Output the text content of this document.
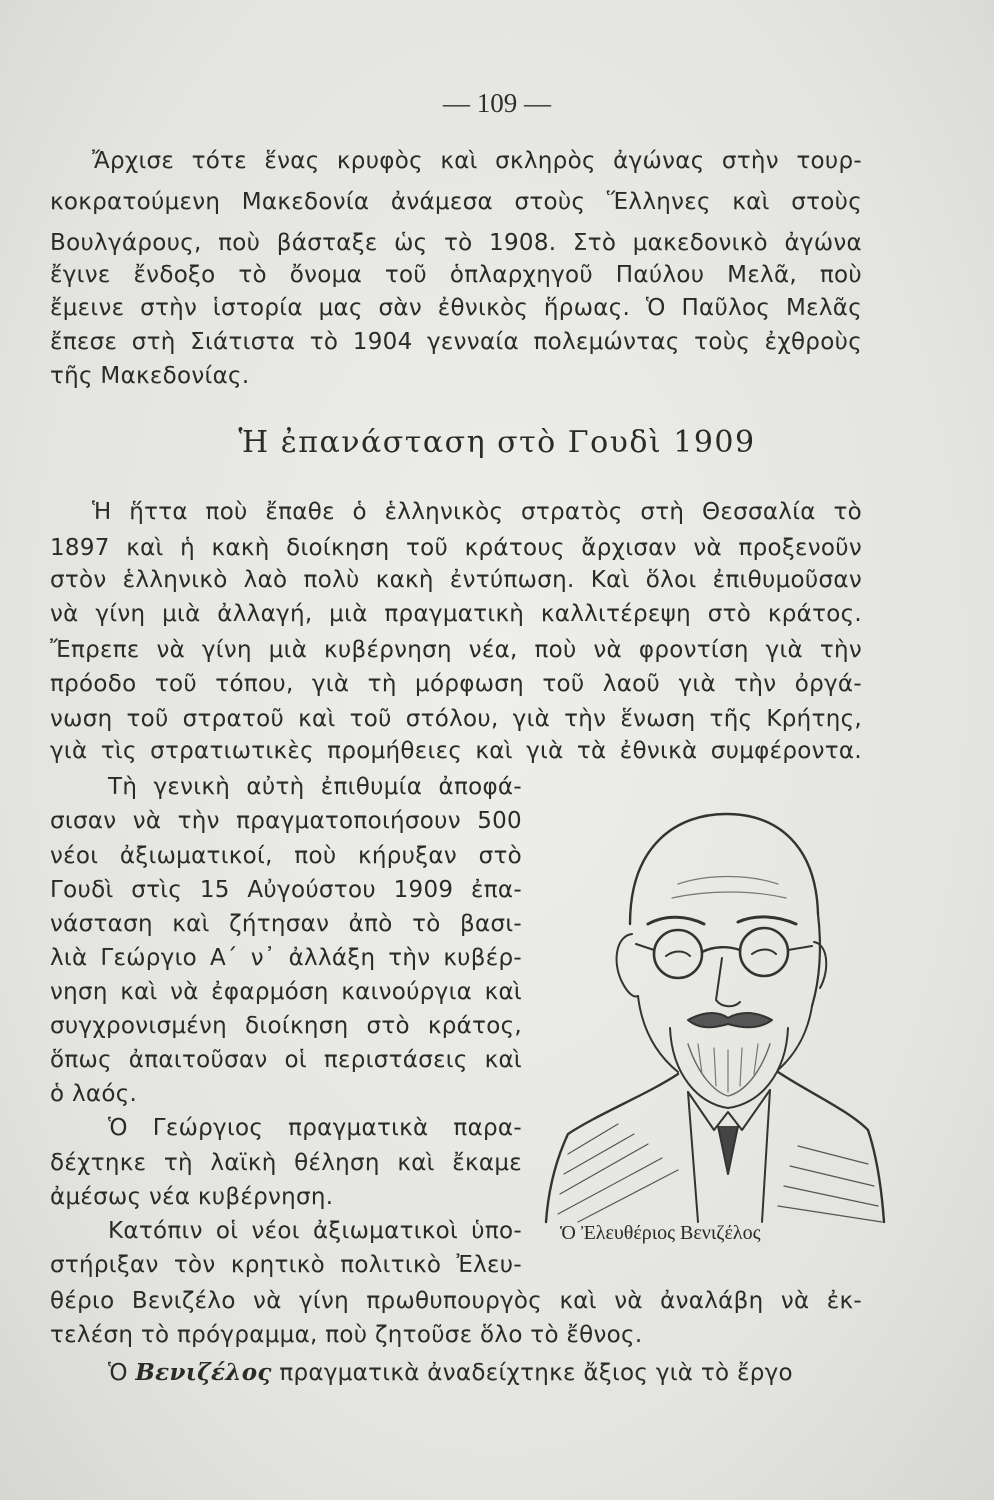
— 109 —
Ἄρχισε τότε ἕνας κρυφὸς καὶ σκληρὸς ἀγώνας στὴν τουρ-
κοκρατούμενη Μακεδονία ἀνάμεσα στοὺς Ἕλληνες καὶ στοὺς
Βουλγάρους, ποὺ βάσταξε ὡς τὸ 1908. Στὸ μακεδονικὸ ἀγώνα
ἔγινε ἔνδοξο τὸ ὄνομα τοῦ ὁπλαρχηγοῦ Παύλου Μελᾶ, ποὺ
ἔμεινε στὴν ἱστορία μας σὰν ἐθνικὸς ἥρωας. Ὁ Παῦλος Μελᾶς
ἔπεσε στὴ Σιάτιστα τὸ 1904 γενναία πολεμώντας τοὺς ἐχθροὺς
τῆς Μακεδονίας.
Ἡ ἐπανάσταση στὸ Γουδὶ 1909
Ἡ ἥττα ποὺ ἔπαθε ὁ ἑλληνικὸς στρατὸς στὴ Θεσσαλία τὸ
1897 καὶ ἡ κακὴ διοίκηση τοῦ κράτους ἄρχισαν νὰ προξενοῦν
στὸν ἑλληνικὸ λαὸ πολὺ κακὴ ἐντύπωση. Καὶ ὅλοι ἐπιθυμοῦσαν
νὰ γίνη μιὰ ἀλλαγή, μιὰ πραγματικὴ καλλιτέρεψη στὸ κράτος.
Ἔπρεπε νὰ γίνη μιὰ κυβέρνηση νέα, ποὺ νὰ φροντίση γιὰ τὴν
πρόοδο τοῦ τόπου, γιὰ τὴ μόρφωση τοῦ λαοῦ γιὰ τὴν ὀργά-
νωση τοῦ στρατοῦ καὶ τοῦ στόλου, γιὰ τὴν ἕνωση τῆς Κρήτης,
γιὰ τὶς στρατιωτικὲς προμήθειες καὶ γιὰ τὰ ἐθνικὰ συμφέροντα.
Τὴ γενικὴ αὐτὴ ἐπιθυμία ἀποφά-
σισαν νὰ τὴν πραγματοποιήσουν 500
νέοι ἀξιωματικοί, ποὺ κήρυξαν στὸ
Γουδὶ στὶς 15 Αὐγούστου 1909 ἐπα-
νάσταση καὶ ζήτησαν ἀπὸ τὸ βασι-
λιὰ Γεώργιο Α΄ ν᾽ ἀλλάξη τὴν κυβέρ-
νηση καὶ νὰ ἐφαρμόση καινούργια καὶ
συγχρονισμένη διοίκηση στὸ κράτος,
ὅπως ἀπαιτοῦσαν οἱ περιστάσεις καὶ
ὁ λαός.
Ὁ Γεώργιος πραγματικὰ παρα-
δέχτηκε τὴ λαϊκὴ θέληση καὶ ἔκαμε
ἀμέσως νέα κυβέρνηση.
Κατόπιν οἱ νέοι ἀξιωματικοὶ ὑπο-
στήριξαν τὸν κρητικὸ πολιτικὸ Ἐλευ-
Ὁ Ἐλευθέριος Βενιζέλος
θέριο Βενιζέλο νὰ γίνη πρωθυπουργὸς καὶ νὰ ἀναλάβη νὰ ἐκ-
τελέση τὸ πρόγραμμα, ποὺ ζητοῦσε ὅλο τὸ ἔθνος.
Ὁ Βενιζέλος πραγματικὰ ἀναδείχτηκε ἄξιος γιὰ τὸ ἔργο
